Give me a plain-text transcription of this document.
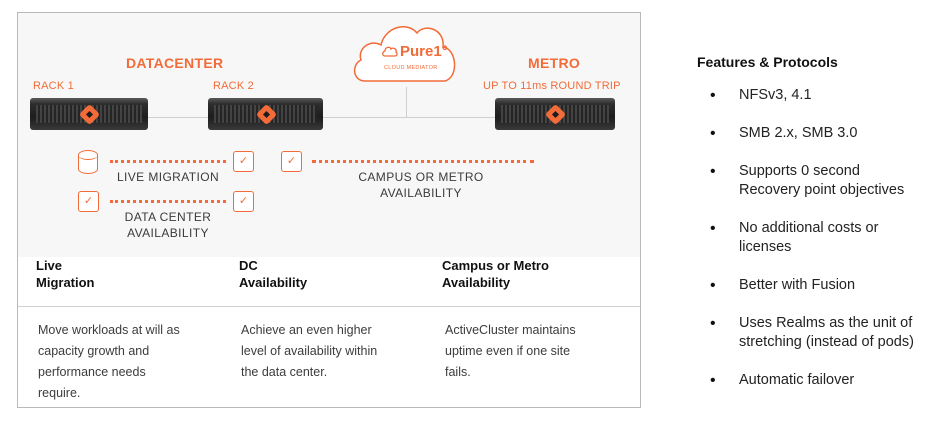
DATACENTER	METRO
Pure1°
CLOUD MEDIATOR
RACK 1	RACK 2	UP TO 11ms ROUND TRIP
✓	✓
✓	✓
LIVE MIGRATION
DATA CENTER
AVAILABILITY
CAMPUS OR METRO
AVAILABILITY
Live
Migration
DC
Availability
Campus or Metro
Availability
Move workloads at will as
capacity growth and
performance needs
require.
Achieve an even higher
level of availability within
the data center.
ActiveCluster maintains
uptime even if one site
fails.
Features & Protocols
• NFSv3, 4.1
• SMB 2.x, SMB 3.0
• Supports 0 second
Recovery point objectives
• No additional costs or
licenses
• Better with Fusion
• Uses Realms as the unit of
stretching (instead of pods)
• Automatic failover
